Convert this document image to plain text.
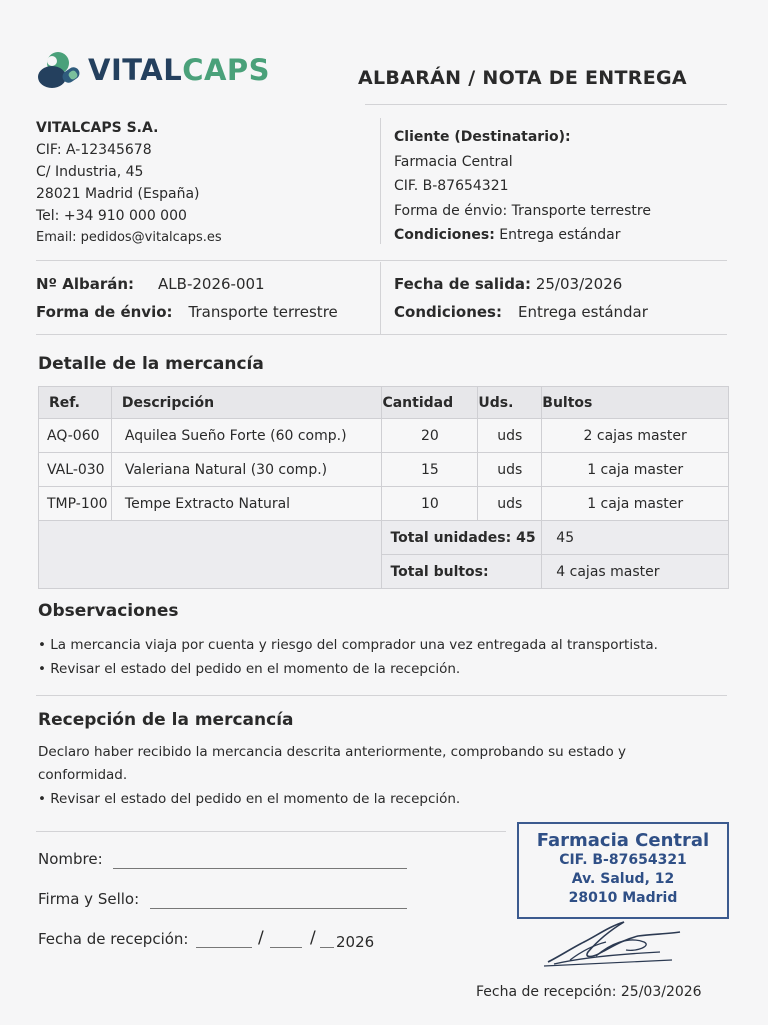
VITALCAPS	ALBARÁN / NOTA DE ENTREGA
VITALCAPS S.A.
CIF: A-12345678
C/ Industria, 45
28021 Madrid (España)
Tel: +34 910 000 000
Email: pedidos@vitalcaps.es
Cliente (Destinatario):
Farmacia Central
CIF. B-87654321
Forma de énvio: Transporte terrestre
Condiciones: Entrega estándar
Nº Albarán: ALB-2026-001
Forma de énvio: Transporte terrestre
Fecha de salida: 25/03/2026
Condiciones: Entrega estándar
Detalle de la mercancía
Ref.	Descripción	Cantidad	Uds.	Bultos
AQ-060	Aquilea Sueño Forte (60 comp.)	20	uds	2 cajas master
VAL-030	Valeriana Natural (30 comp.)	15	uds	1 caja master
TMP-100	Tempe Extracto Natural	10	uds	1 caja master
		Total unidades: 45		45
		Total bultos:		4 cajas master
Observaciones
• La mercancia viaja por cuenta y riesgo del comprador una vez entregada al transportista.
• Revisar el estado del pedido en el momento de la recepción.
Recepción de la mercancía
Declaro haber recibido la mercancia descrita anteriormente, comprobando su estado y
conformidad.
• Revisar el estado del pedido en el momento de la recepción.
Nombre:
Firma y Sello:
Fecha de recepción:	/	/ 2026
Farmacia Central
CIF. B-87654321
Av. Salud, 12
28010 Madrid
Fecha de recepción: 25/03/2026
